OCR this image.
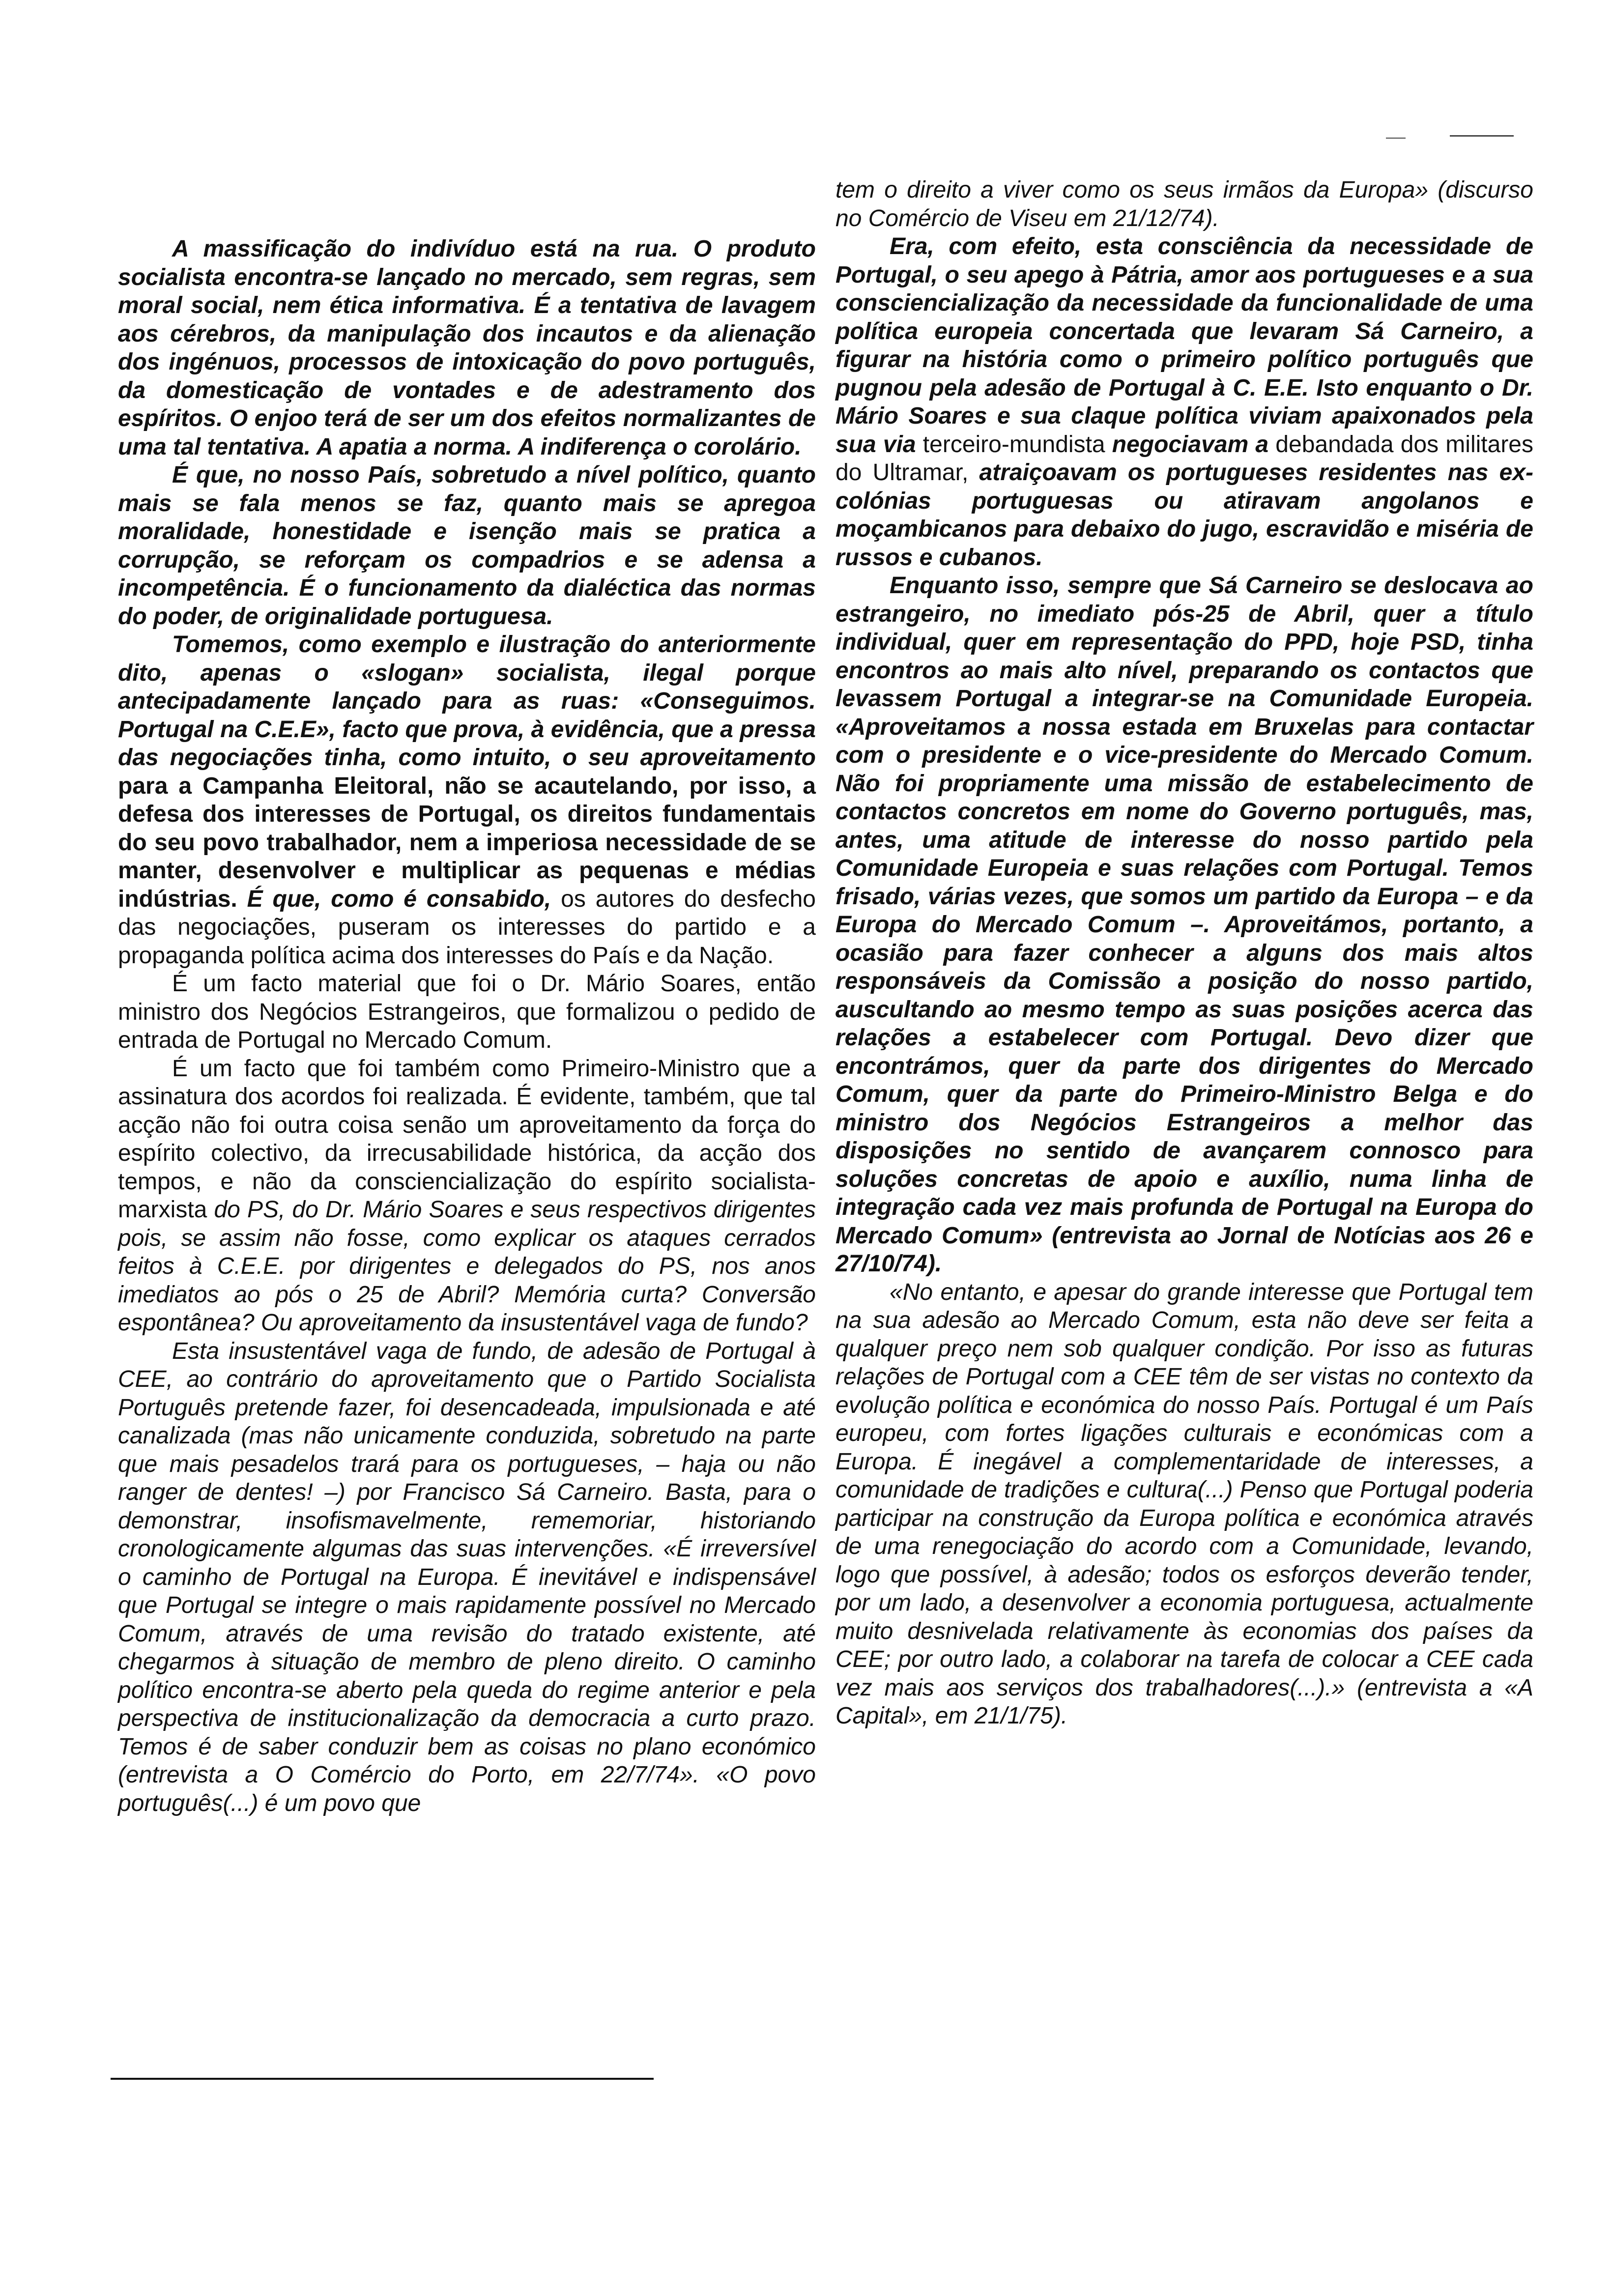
A massificação do indivíduo está na rua. O produto socialista encontra-se lançado no mercado, sem regras, sem moral social, nem ética informativa. É a tentativa de lavagem aos cérebros, da manipulação dos incautos e da alienação dos ingénuos, processos de intoxicação do povo português, da domesticação de vontades e de adestramento dos espíritos. O enjoo terá de ser um dos efeitos normalizantes de uma tal tentativa. A apatia a norma. A indiferença o corolário.

É que, no nosso País, sobretudo a nível político, quanto mais se fala menos se faz, quanto mais se apregoa moralidade, honestidade e isenção mais se pratica a corrupção, se reforçam os compadrios e se adensa a incompetência. É o funcionamento da dialéctica das normas do poder, de originalidade portuguesa.

Tomemos, como exemplo e ilustração do anteriormente dito, apenas o «slogan» socialista, ilegal porque antecipadamente lançado para as ruas: «Conseguimos. Portugal na C.E.E», facto que prova, à evidência, que a pressa das negociações tinha, como intuito, o seu aproveitamento para a Campanha Eleitoral, não se acautelando, por isso, a defesa dos interesses de Portugal, os direitos fundamentais do seu povo trabalhador, nem a imperiosa necessidade de se manter, desenvolver e multiplicar as pequenas e médias indústrias. É que, como é consabido, os autores do desfecho das negociações, puseram os interesses do partido e a propaganda política acima dos interesses do País e da Nação.

É um facto material que foi o Dr. Mário Soares, então ministro dos Negócios Estrangeiros, que formalizou o pedido de entrada de Portugal no Mercado Comum.

É um facto que foi também como Primeiro-Ministro que a assinatura dos acordos foi realizada. É evidente, também, que tal acção não foi outra coisa senão um aproveitamento da força do espírito colectivo, da irrecusabilidade histórica, da acção dos tempos, e não da consciencialização do espírito socialista-marxista do PS, do Dr. Mário Soares e seus respectivos dirigentes pois, se assim não fosse, como explicar os ataques cerrados feitos à C.E.E. por dirigentes e delegados do PS, nos anos imediatos ao pós o 25 de Abril? Memória curta? Conversão espontânea? Ou aproveitamento da insustentável vaga de fundo?

Esta insustentável vaga de fundo, de adesão de Portugal à CEE, ao contrário do aproveitamento que o Partido Socialista Português pretende fazer, foi desencadeada, impulsionada e até canalizada (mas não unicamente conduzida, sobretudo na parte que mais pesadelos trará para os portugueses, – haja ou não ranger de dentes! –) por Francisco Sá Carneiro. Basta, para o demonstrar, insofismavelmente, rememoriar, historiando cronologicamente algumas das suas intervenções. «É irreversível o caminho de Portugal na Europa. É inevitável e indispensável que Portugal se integre o mais rapidamente possível no Mercado Comum, através de uma revisão do tratado existente, até chegarmos à situação de membro de pleno direito. O caminho político encontra-se aberto pela queda do regime anterior e pela perspectiva de institucionalização da democracia a curto prazo. Temos é de saber conduzir bem as coisas no plano económico (entrevista a O Comércio do Porto, em 22/7/74». «O povo português(...) é um povo que

tem o direito a viver como os seus irmãos da Europa» (discurso no Comércio de Viseu em 21/12/74).

Era, com efeito, esta consciência da necessidade de Portugal, o seu apego à Pátria, amor aos portugueses e a sua consciencialização da necessidade da funcionalidade de uma política europeia concertada que levaram Sá Carneiro, a figurar na história como o primeiro político português que pugnou pela adesão de Portugal à C. E.E. Isto enquanto o Dr. Mário Soares e sua claque política viviam apaixonados pela sua via terceiro-mundista negociavam a debandada dos militares do Ultramar, atraiçoavam os portugueses residentes nas ex-colónias portuguesas ou atiravam angolanos e moçambicanos para debaixo do jugo, escravidão e miséria de russos e cubanos.

Enquanto isso, sempre que Sá Carneiro se deslocava ao estrangeiro, no imediato pós-25 de Abril, quer a título individual, quer em representação do PPD, hoje PSD, tinha encontros ao mais alto nível, preparando os contactos que levassem Portugal a integrar-se na Comunidade Europeia. «Aproveitamos a nossa estada em Bruxelas para contactar com o presidente e o vice-presidente do Mercado Comum. Não foi propriamente uma missão de estabelecimento de contactos concretos em nome do Governo português, mas, antes, uma atitude de interesse do nosso partido pela Comunidade Europeia e suas relações com Portugal. Temos frisado, várias vezes, que somos um partido da Europa – e da Europa do Mercado Comum –. Aproveitámos, portanto, a ocasião para fazer conhecer a alguns dos mais altos responsáveis da Comissão a posição do nosso partido, auscultando ao mesmo tempo as suas posições acerca das relações a estabelecer com Portugal. Devo dizer que encontrámos, quer da parte dos dirigentes do Mercado Comum, quer da parte do Primeiro-Ministro Belga e do ministro dos Negócios Estrangeiros a melhor das disposições no sentido de avançarem connosco para soluções concretas de apoio e auxílio, numa linha de integração cada vez mais profunda de Portugal na Europa do Mercado Comum» (entrevista ao Jornal de Notícias aos 26 e 27/10/74).

«No entanto, e apesar do grande interesse que Portugal tem na sua adesão ao Mercado Comum, esta não deve ser feita a qualquer preço nem sob qualquer condição. Por isso as futuras relações de Portugal com a CEE têm de ser vistas no contexto da evolução política e económica do nosso País. Portugal é um País europeu, com fortes ligações culturais e económicas com a Europa. É inegável a complementaridade de interesses, a comunidade de tradições e cultura(...) Penso que Portugal poderia participar na construção da Europa política e económica através de uma renegociação do acordo com a Comunidade, levando, logo que possível, à adesão; todos os esforços deverão tender, por um lado, a desenvolver a economia portuguesa, actualmente muito desnivelada relativamente às economias dos países da CEE; por outro lado, a colaborar na tarefa de colocar a CEE cada vez mais aos serviços dos trabalhadores(...).» (entrevista a «A Capital», em 21/1/75).
